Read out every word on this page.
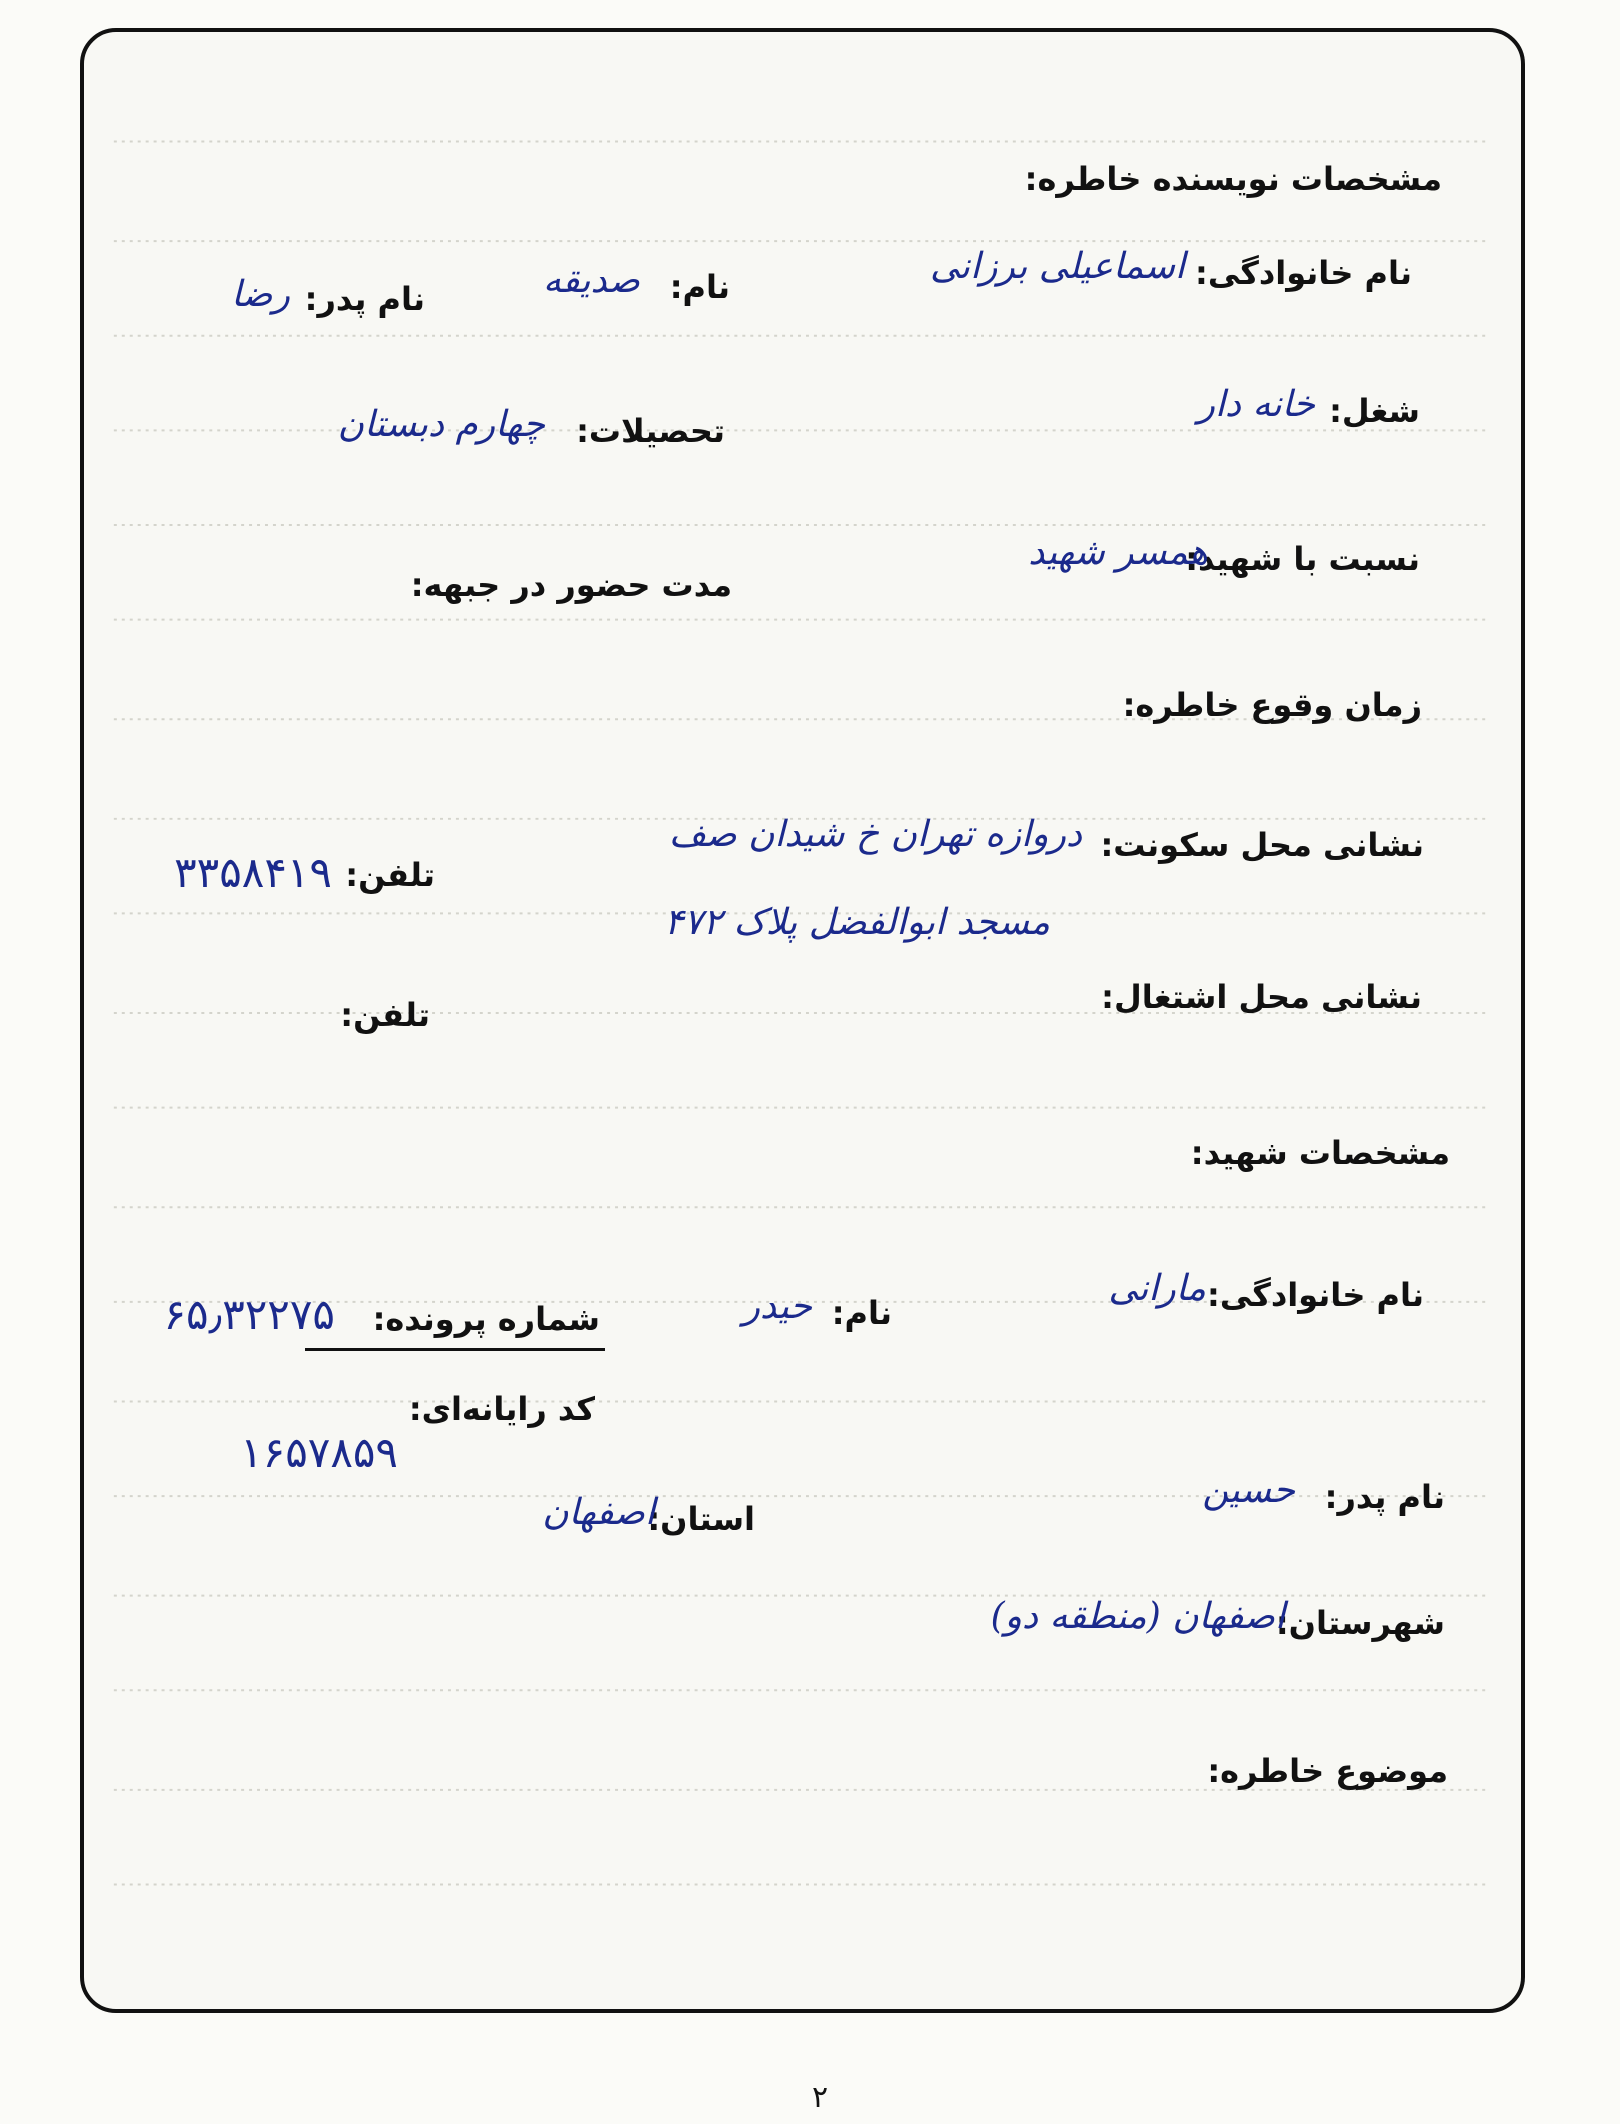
مشخصات نویسنده خاطره:
نام خانوادگی:
اسماعیلی برزانی
نام:
صدیقه
نام پدر:
رضا
شغل:
خانه دار
تحصیلات:
چهارم دبستان
نسبت با شهید:
همسر شهید
مدت حضور در جبهه:
زمان وقوع خاطره:
نشانی محل سکونت:
دروازه تهران خ شیدان صف
مسجد ابوالفضل پلاک ۴۷۲
تلفن:
۳۳۵۸۴۱۹
نشانی محل اشتغال:
تلفن:
مشخصات شهید:
نام خانوادگی:
مارانی
نام:
حیدر
شماره پرونده:
۶۵٫۳۲۲۷۵
کد رایانه‌ای:
۱۶۵۷۸۵۹
نام پدر:
حسین
استان:
اصفهان
شهرستان:
اصفهان (منطقه دو)
موضوع خاطره:
۲
